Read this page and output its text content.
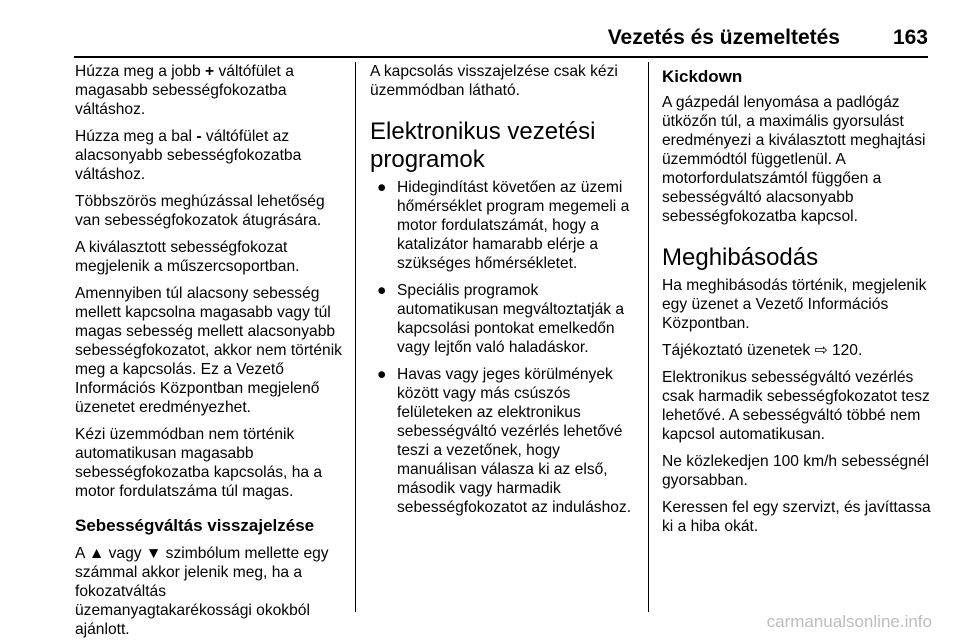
Vezetés és üzemeltetés	163

Húzza meg a jobb + váltófület a magasabb sebességfokozatba váltáshoz.

Húzza meg a bal - váltófület az alacsonyabb sebességfokozatba váltáshoz.

Többszörös meghúzással lehetőség van sebességfokozatok átugrására.

A kiválasztott sebességfokozat megjelenik a műszercsoportban.

Amennyiben túl alacsony sebesség mellett kapcsolna magasabb vagy túl magas sebesség mellett alacsonyabb sebességfokozatot, akkor nem történik meg a kapcsolás. Ez a Vezető Információs Központban megjelenő üzenetet eredményezhet.

Kézi üzemmódban nem történik automatikusan magasabb sebességfokozatba kapcsolás, ha a motor fordulatszáma túl magas.

Sebességváltás visszajelzése

A ▲ vagy ▼ szimbólum mellette egy számmal akkor jelenik meg, ha a fokozatváltás üzemanyagtakarékossági okokból ajánlott.

A kapcsolás visszajelzése csak kézi üzemmódban látható.

Elektronikus vezetési programok
● Hidegindítást követően az üzemi hőmérséklet program megemeli a motor fordulatszámát, hogy a katalizátor hamarabb elérje a szükséges hőmérsékletet.
● Speciális programok automatikusan megváltoztatják a kapcsolási pontokat emelkedőn vagy lejtőn való haladáskor.
● Havas vagy jeges körülmények között vagy más csúszós felületeken az elektronikus sebességváltó vezérlés lehetővé teszi a vezetőnek, hogy manuálisan válasza ki az első, második vagy harmadik sebességfokozatot az induláshoz.
Kickdown

A gázpedál lenyomása a padlógáz ütközőn túl, a maximális gyorsulást eredményezi a kiválasztott meghajtási üzemmódtól függetlenül. A motorfordulatszámtól függően a sebességváltó alacsonyabb sebességfokozatba kapcsol.

Meghibásodás

Ha meghibásodás történik, megjelenik egy üzenet a Vezető Információs Központban.

Tájékoztató üzenetek ⇨ 120.

Elektronikus sebességváltó vezérlés csak harmadik sebességfokozatot tesz lehetővé. A sebességváltó többé nem kapcsol automatikusan.

Ne közlekedjen 100 km/h sebességnél gyorsabban.

Keressen fel egy szervizt, és javíttassa ki a hiba okát.

carmanualsonline.info
